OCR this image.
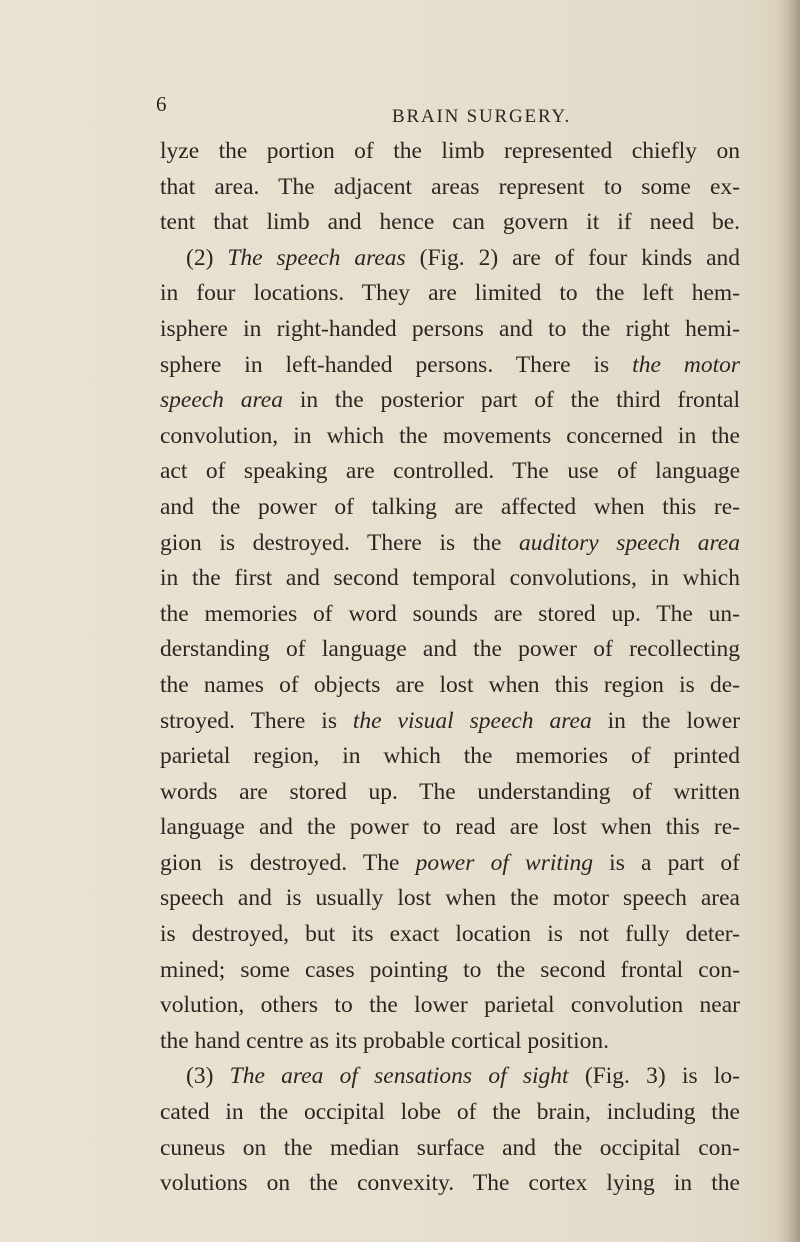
6
BRAIN SURGERY.
lyze the portion of the limb represented chiefly on
that area. The adjacent areas represent to some ex-
tent that limb and hence can govern it if need be.
(2) The speech areas (Fig. 2) are of four kinds and
in four locations. They are limited to the left hem-
isphere in right-handed persons and to the right hemi-
sphere in left-handed persons. There is the motor
speech area in the posterior part of the third frontal
convolution, in which the movements concerned in the
act of speaking are controlled. The use of language
and the power of talking are affected when this re-
gion is destroyed. There is the auditory speech area
in the first and second temporal convolutions, in which
the memories of word sounds are stored up. The un-
derstanding of language and the power of recollecting
the names of objects are lost when this region is de-
stroyed. There is the visual speech area in the lower
parietal region, in which the memories of printed
words are stored up. The understanding of written
language and the power to read are lost when this re-
gion is destroyed. The power of writing is a part of
speech and is usually lost when the motor speech area
is destroyed, but its exact location is not fully deter-
mined; some cases pointing to the second frontal con-
volution, others to the lower parietal convolution near
the hand centre as its probable cortical position.
(3) The area of sensations of sight (Fig. 3) is lo-
cated in the occipital lobe of the brain, including the
cuneus on the median surface and the occipital con-
volutions on the convexity. The cortex lying in the
